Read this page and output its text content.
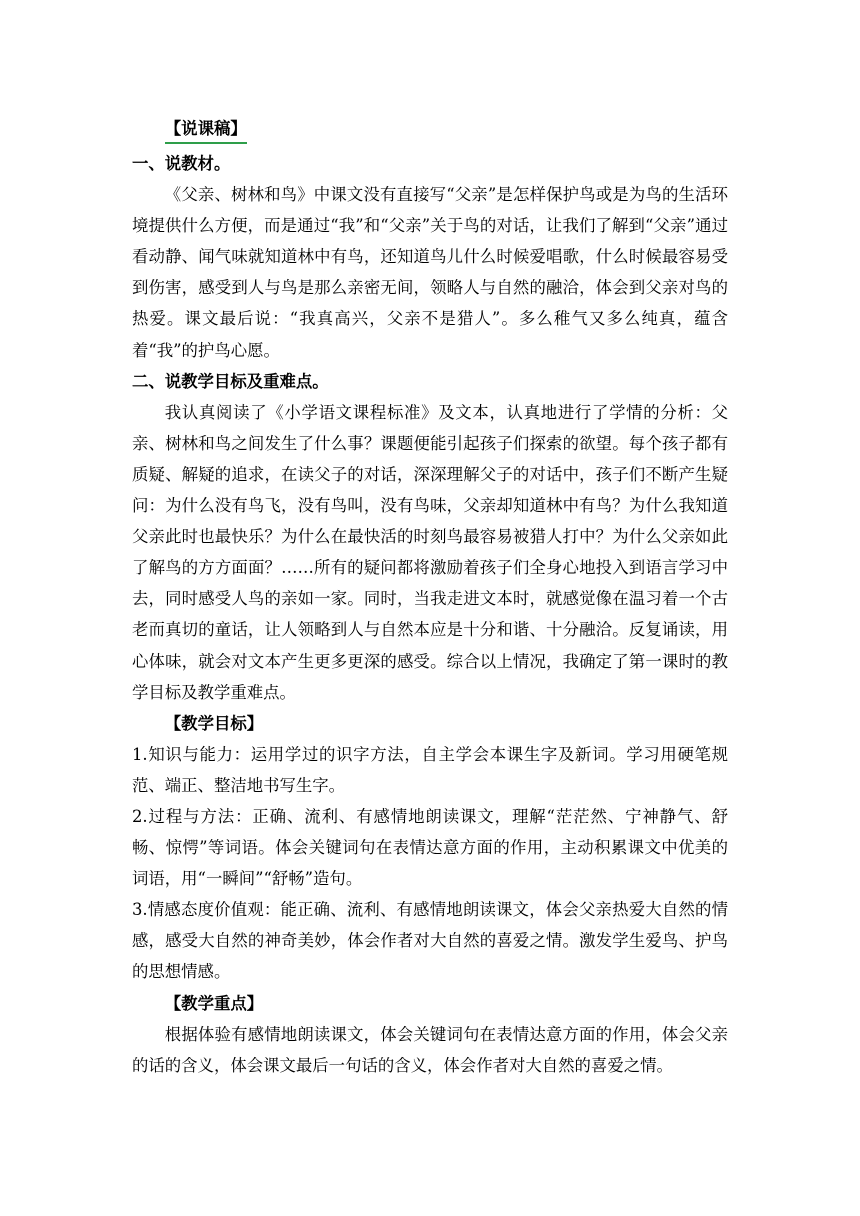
【说课稿】

一、说教材。

《父亲、树林和鸟》中课文没有直接写“父亲”是怎样保护鸟或是为鸟的生活环境提供什么方便，而是通过“我”和“父亲”关于鸟的对话，让我们了解到“父亲”通过看动静、闻气味就知道林中有鸟，还知道鸟儿什么时候爱唱歌，什么时候最容易受到伤害，感受到人与鸟是那么亲密无间，领略人与自然的融洽，体会到父亲对鸟的热爱。课文最后说：“我真高兴，父亲不是猎人”。多么稚气又多么纯真，蕴含着“我”的护鸟心愿。

二、说教学目标及重难点。

我认真阅读了《小学语文课程标准》及文本，认真地进行了学情的分析：父亲、树林和鸟之间发生了什么事？课题便能引起孩子们探索的欲望。每个孩子都有质疑、解疑的追求，在读父子的对话，深深理解父子的对话中，孩子们不断产生疑问：为什么没有鸟飞，没有鸟叫，没有鸟味，父亲却知道林中有鸟？为什么我知道父亲此时也最快乐？为什么在最快活的时刻鸟最容易被猎人打中？为什么父亲如此了解鸟的方方面面？……所有的疑问都将激励着孩子们全身心地投入到语言学习中去，同时感受人鸟的亲如一家。同时，当我走进文本时，就感觉像在温习着一个古老而真切的童话，让人领略到人与自然本应是十分和谐、十分融洽。反复诵读，用心体味，就会对文本产生更多更深的感受。综合以上情况，我确定了第一课时的教学目标及教学重难点。

【教学目标】

1.知识与能力：运用学过的识字方法，自主学会本课生字及新词。学习用硬笔规范、端正、整洁地书写生字。

2.过程与方法：正确、流利、有感情地朗读课文，理解“茫茫然、宁神静气、舒畅、惊愕”等词语。体会关键词句在表情达意方面的作用，主动积累课文中优美的词语，用“一瞬间”“舒畅”造句。

3.情感态度价值观：能正确、流利、有感情地朗读课文，体会父亲热爱大自然的情感，感受大自然的神奇美妙，体会作者对大自然的喜爱之情。激发学生爱鸟、护鸟的思想情感。

【教学重点】

根据体验有感情地朗读课文，体会关键词句在表情达意方面的作用，体会父亲的话的含义，体会课文最后一句话的含义，体会作者对大自然的喜爱之情。
